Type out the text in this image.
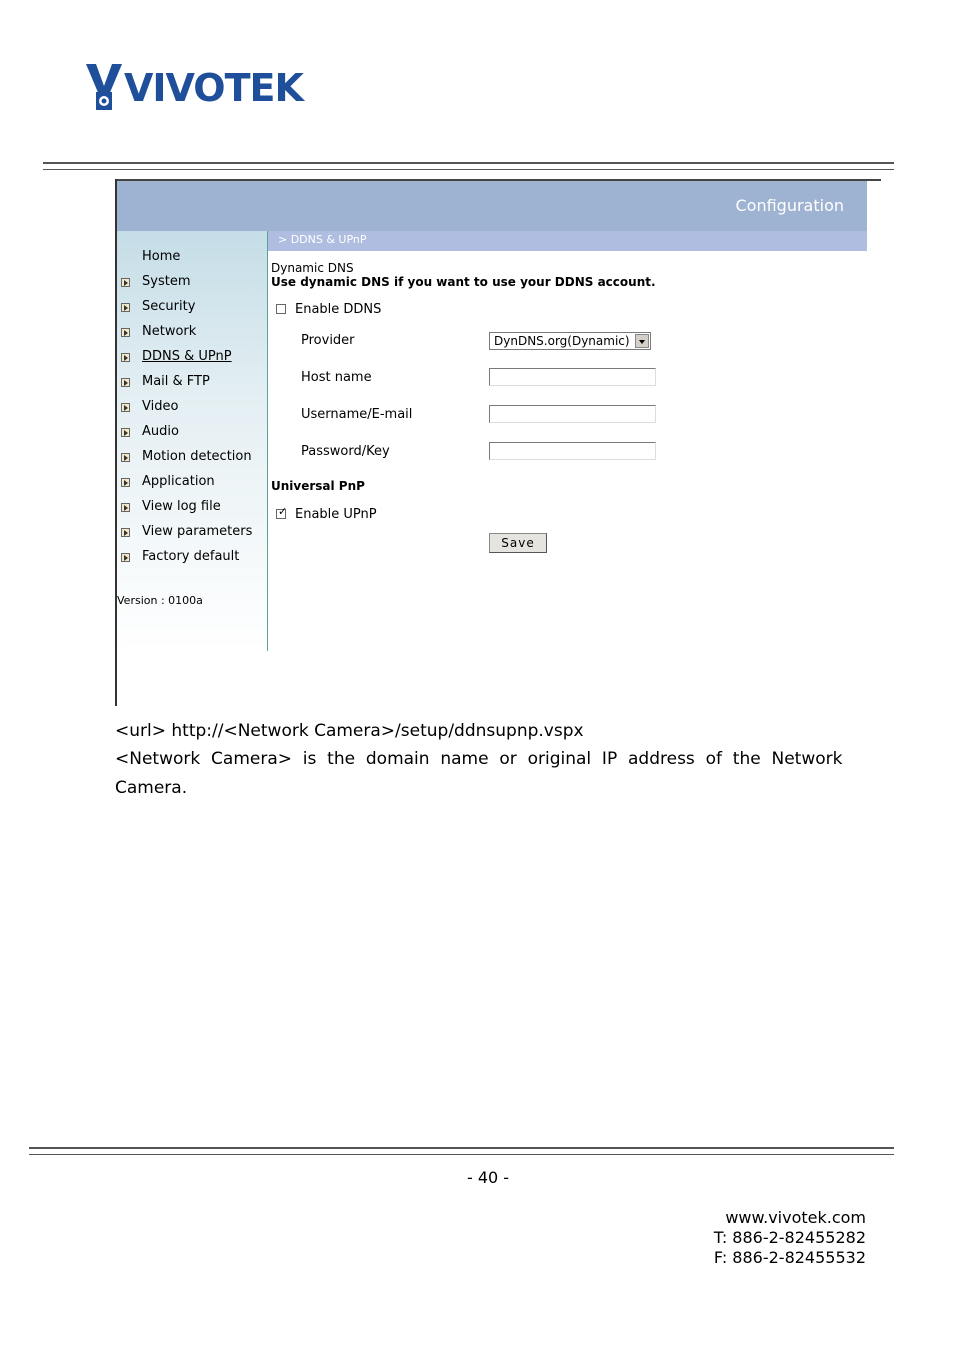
VIVOTEK
Configuration
> DDNS & UPnP
Home
System
Security
Network
DDNS & UPnP
Mail & FTP
Video
Audio
Motion detection
Application
View log file
View parameters
Factory default
Version : 0100a
Dynamic DNS
Use dynamic DNS if you want to use your DDNS account.
Enable DDNS
Provider	DynDNS.org(Dynamic)
Host name
Username/E-mail
Password/Key
Universal PnP
✓ Enable UPnP
Save
<url> http://<Network Camera>/setup/ddnsupnp.vspx
<Network  Camera>  is  the  domain  name  or  original  IP  address  of  the  Network
Camera.
- 40 -
www.vivotek.com
T: 886-2-82455282
F: 886-2-82455532
